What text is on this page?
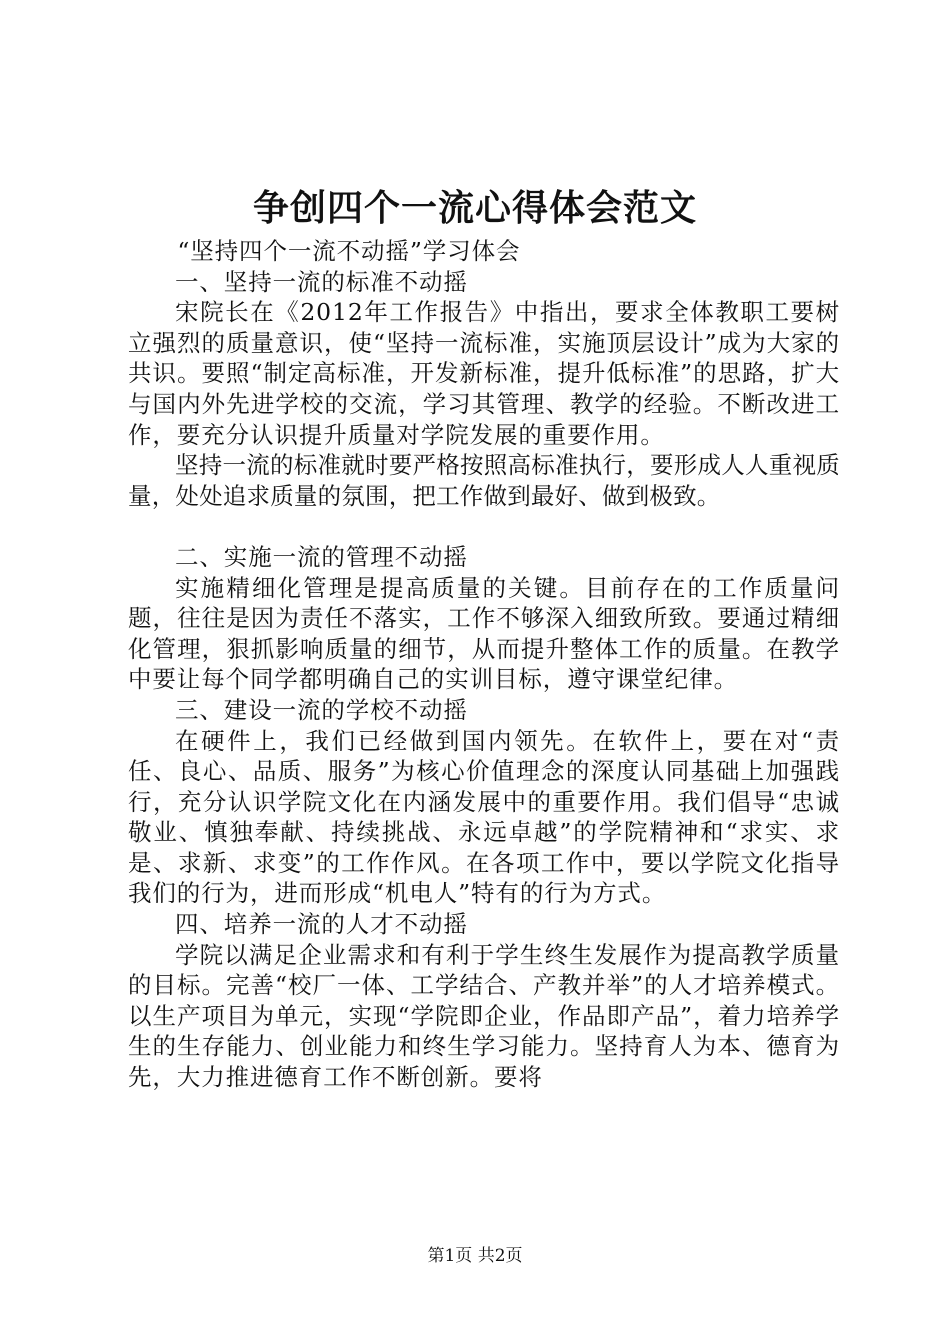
争创四个一流心得体会范文

“坚持四个一流不动摇”学习体会

一、坚持一流的标准不动摇

宋院长在《2012年工作报告》中指出，要求全体教职工要树立强烈的质量意识，使“坚持一流标准，实施顶层设计”成为大家的共识。要照“制定高标准，开发新标准，提升低标准”的思路，扩大与国内外先进学校的交流，学习其管理、教学的经验。不断改进工作，要充分认识提升质量对学院发展的重要作用。

坚持一流的标准就时要严格按照高标准执行，要形成人人重视质量，处处追求质量的氛围，把工作做到最好、做到极致。

二、实施一流的管理不动摇

实施精细化管理是提高质量的关键。目前存在的工作质量问题，往往是因为责任不落实，工作不够深入细致所致。要通过精细化管理，狠抓影响质量的细节，从而提升整体工作的质量。在教学中要让每个同学都明确自己的实训目标，遵守课堂纪律。

三、建设一流的学校不动摇

在硬件上，我们已经做到国内领先。在软件上，要在对“责任、良心、品质、服务”为核心价值理念的深度认同基础上加强践行，充分认识学院文化在内涵发展中的重要作用。我们倡导“忠诚敬业、慎独奉献、持续挑战、永远卓越”的学院精神和“求实、求是、求新、求变”的工作作风。在各项工作中，要以学院文化指导我们的行为，进而形成“机电人”特有的行为方式。

四、培养一流的人才不动摇

学院以满足企业需求和有利于学生终生发展作为提高教学质量的目标。完善“校厂一体、工学结合、产教并举”的人才培养模式。以生产项目为单元，实现“学院即企业，作品即产品”，着力培养学生的生存能力、创业能力和终生学习能力。坚持育人为本、德育为先，大力推进德育工作不断创新。要将

第1页 共2页
